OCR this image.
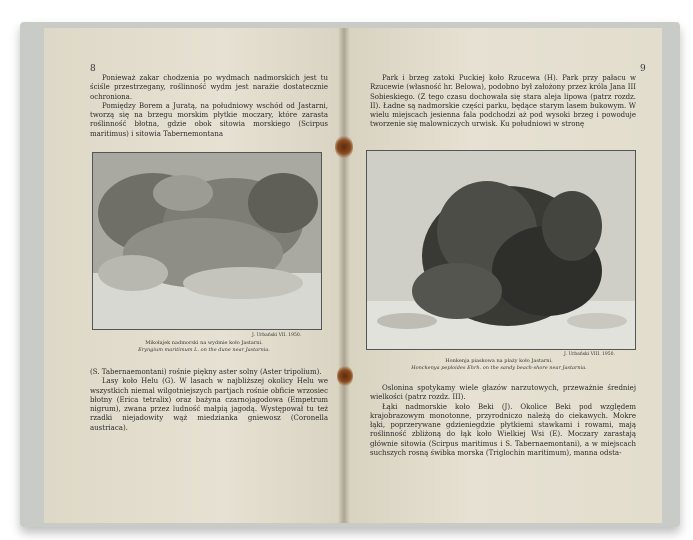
8

Ponieważ zakar chodzenia po wydmach nadmorskich jest tu ściśle przestrzegany, roślinność wydm jest narażie dostatecznie ochroniona.

Pomiędzy Borem a Juratą, na południowy wschód od Jastarni, tworzą się na brzegu morskim płytkie moczary, które zarasta roślinność błotna, gdzie obok sitowia morskiego (Scirpus maritimus) i sitowia Tabernemontana

J. Urbański VII. 1950.
Mikołajek nadmorski na wydmie koło Jastarni.
Eryngium maritimum L. on the dune near Jastarnia.

(S. Tabernaemontani) rośnie piękny aster solny (Aster tripolium).

Lasy koło Helu (G). W lasach w najbliższej okolicy Helu we wszystkich niemal wilgotniejszych partjach rośnie obficie wrzosiec błotny (Erica tetralix) oraz bażyna czarnojagodowa (Empetrum nigrum), zwana przez ludność małpią jagodą. Występował tu też rzadki niejadowity wąż miedzianka gniewosz (Coronella austriaca).

9

Park i brzeg zatoki Puckiej koło Rzucewa (H). Park przy pałacu w Rzucewie (własność hr. Belowa), podobno był założony przez króla Jana III Sobieskiego. (Z tego czasu dochowała się stara aleja lipowa (patrz rozdz. II). Ładne są nadmorskie części parku, będące starym lasem bukowym. W wielu miejscach jesienna fala podchodzi aż pod wysoki brzeg i powoduje tworzenie się malowniczych urwisk. Ku południowi w stronę

J. Urbański VIII. 1950.
Honkenja piaskowa na plaży koło Jastarni.
Honckenya peploides Ehrh. on the sandy beach-shore near Jastarnia.

Oslonina spotykamy wiele głazów narzutowych, przeważnie średniej wielkości (patrz rozdz. III).

Łąki nadmorskie koło Beki (J). Okolice Beki pod względem krajobrazowym monotonne, przyrodniczo należą do ciekawych. Mokre łąki, poprzerywane gdzieniegdzie płytkiemi stawkami i rowami, mają roślinność zbliżoną do łąk koło Wielkiej Wsi (E). Moczary zarastają głównie sitowia (Scirpus maritimus i S. Tabernaemontani), a w miejscach suchszych rosną świbka morska (Triglochin maritimum), manna odsta-
